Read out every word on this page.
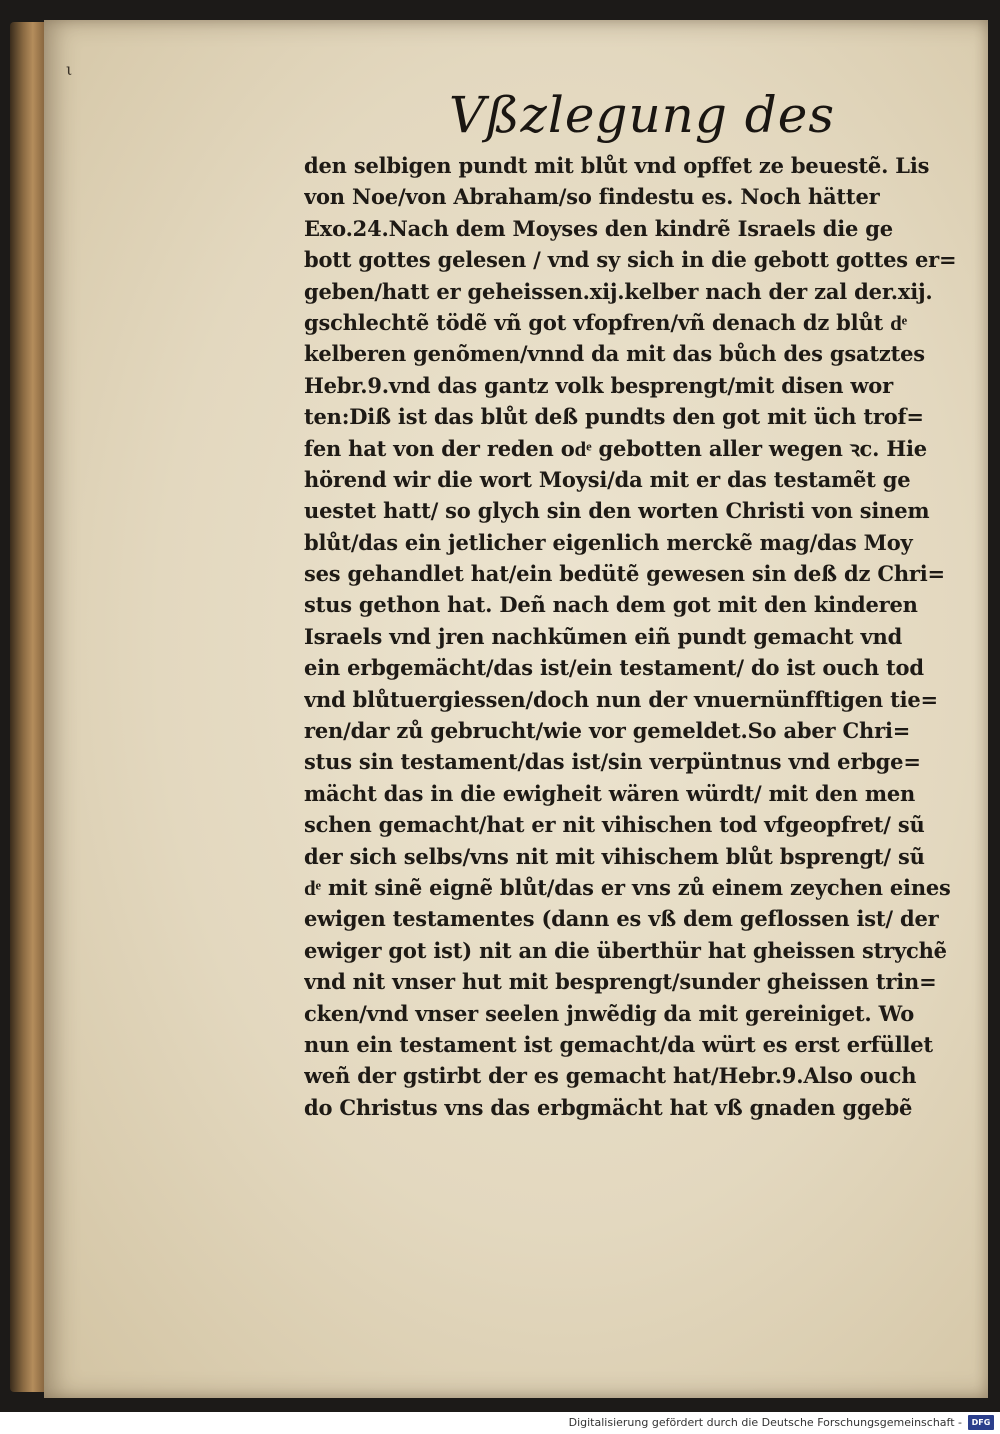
ι
Vßzlegung des
den selbigen pundt mit blůt vnd opffet ze beuestẽ. Lis
von Noe/von Abraham/so findestu es. Noch hätter
Exo.24.Nach dem Moyses den kindrẽ Israels die ge
bott gottes gelesen / vnd sy sich in die gebott gottes er=
geben/hatt er geheissen.xij.kelber nach der zal der.xij.
gschlechtẽ tödẽ vñ got vfopfren/vñ denach dz blůt dͤ
kelberen genõmen/vnnd da mit das bůch des gsatztes
Hebr.9.vnd das gantz volk besprengt/mit disen wor
ten:Diß ist das blůt deß pundts den got mit üch trof=
fen hat von der reden odͤ gebotten aller wegen ꝛc. Hie
hörend wir die wort Moysi/da mit er das testamẽt ge
uestet hatt/ so glych sin den worten Christi von sinem
blůt/das ein jetlicher eigenlich merckẽ mag/das Moy
ses gehandlet hat/ein bedütẽ gewesen sin deß dz Chri=
stus gethon hat. Deñ nach dem got mit den kinderen
Israels vnd jren nachkũmen eiñ pundt gemacht vnd
ein erbgemächt/das ist/ein testament/ do ist ouch tod
vnd blůtuergiessen/doch nun der vnuernünfftigen tie=
ren/dar zů gebrucht/wie vor gemeldet.So aber Chri=
stus sin testament/das ist/sin verpüntnus vnd erbge=
mächt das in die ewigheit wären würdt/ mit den men
schen gemacht/hat er nit vihischen tod vfgeopfret/ sũ
der sich selbs/vns nit mit vihischem blůt bsprengt/ sũ
dͤ mit sinẽ eignẽ blůt/das er vns zů einem zeychen eines
ewigen testamentes (dann es vß dem geflossen ist/ der
ewiger got ist) nit an die überthür hat gheissen strychẽ
vnd nit vnser hut mit besprengt/sunder gheissen trin=
cken/vnd vnser seelen jnwẽdig da mit gereiniget. Wo
nun ein testament ist gemacht/da würt es erst erfüllet
weñ der gstirbt der es gemacht hat/Hebr.9.Also ouch
do Christus vns das erbgmächt hat vß gnaden ggebẽ
Digitalisierung gefördert durch die Deutsche Forschungsgemeinschaft -	DFG
